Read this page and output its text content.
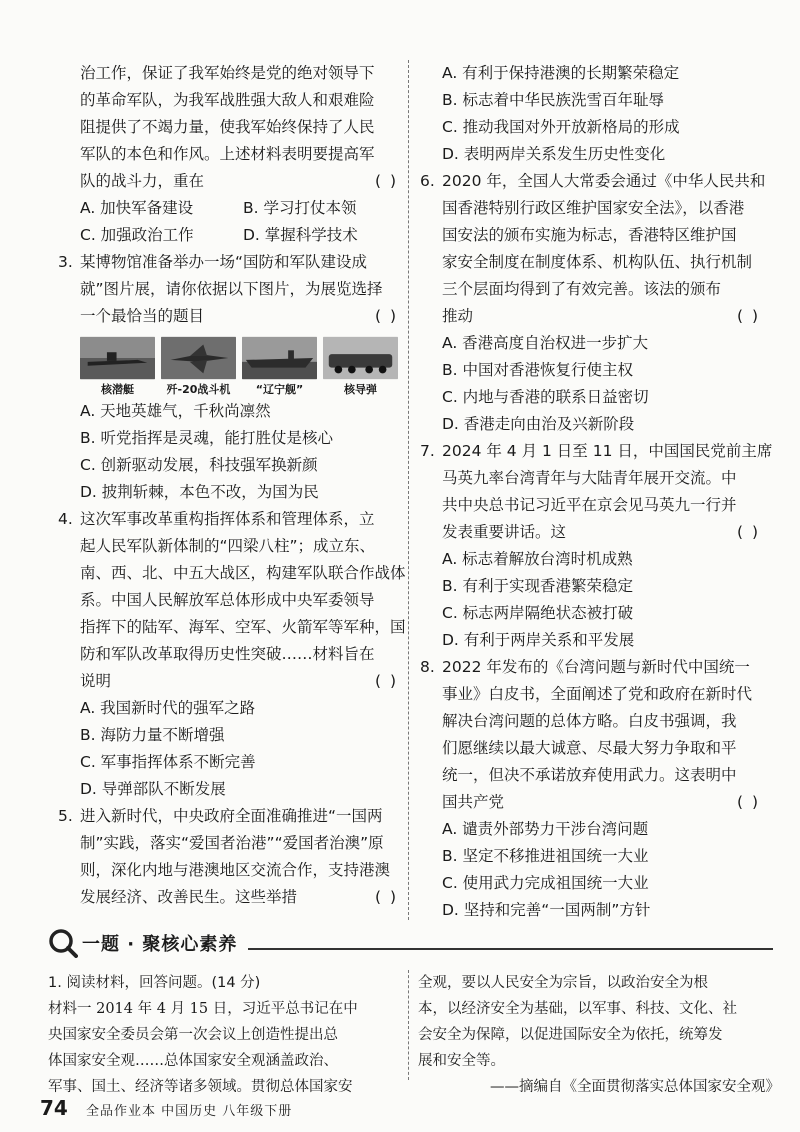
治工作，保证了我军始终是党的绝对领导下
的革命军队，为我军战胜强大敌人和艰难险
阻提供了不竭力量，使我军始终保持了人民
军队的本色和作风。上述材料表明要提高军
队的战斗力，重在	( )
A. 加快军备建设	B. 学习打仗本领
C. 加强政治工作	D. 掌握科学技术
3. 某博物馆准备举办一场“国防和军队建设成
就”图片展，请你依据以下图片，为展览选择
一个最恰当的题目	( )
核潜艇	歼-20战斗机	“辽宁舰”	核导弹
A. 天地英雄气，千秋尚凛然
B. 听党指挥是灵魂，能打胜仗是核心
C. 创新驱动发展，科技强军换新颜
D. 披荆斩棘，本色不改，为国为民
4. 这次军事改革重构指挥体系和管理体系，立
起人民军队新体制的“四梁八柱”；成立东、
南、西、北、中五大战区，构建军队联合作战体
系。中国人民解放军总体形成中央军委领导
指挥下的陆军、海军、空军、火箭军等军种，国
防和军队改革取得历史性突破……材料旨在
说明	( )
A. 我国新时代的强军之路
B. 海防力量不断增强
C. 军事指挥体系不断完善
D. 导弹部队不断发展
5. 进入新时代，中央政府全面准确推进“一国两
制”实践，落实“爱国者治港”“爱国者治澳”原
则，深化内地与港澳地区交流合作，支持港澳
发展经济、改善民生。这些举措	( )
A. 有利于保持港澳的长期繁荣稳定
B. 标志着中华民族洗雪百年耻辱
C. 推动我国对外开放新格局的形成
D. 表明两岸关系发生历史性变化
6. 2020 年，全国人大常委会通过《中华人民共和
国香港特别行政区维护国家安全法》，以香港
国安法的颁布实施为标志，香港特区维护国
家安全制度在制度体系、机构队伍、执行机制
三个层面均得到了有效完善。该法的颁布
推动	( )
A. 香港高度自治权进一步扩大
B. 中国对香港恢复行使主权
C. 内地与香港的联系日益密切
D. 香港走向由治及兴新阶段
7. 2024 年 4 月 1 日至 11 日，中国国民党前主席
马英九率台湾青年与大陆青年展开交流。中
共中央总书记习近平在京会见马英九一行并
发表重要讲话。这	( )
A. 标志着解放台湾时机成熟
B. 有利于实现香港繁荣稳定
C. 标志两岸隔绝状态被打破
D. 有利于两岸关系和平发展
8. 2022 年发布的《台湾问题与新时代中国统一
事业》白皮书，全面阐述了党和政府在新时代
解决台湾问题的总体方略。白皮书强调，我
们愿继续以最大诚意、尽最大努力争取和平
统一，但决不承诺放弃使用武力。这表明中
国共产党	( )
A. 谴责外部势力干涉台湾问题
B. 坚定不移推进祖国统一大业
C. 使用武力完成祖国统一大业
D. 坚持和完善“一国两制”方针
一题 · 聚核心素养
1. 阅读材料，回答问题。(14 分)
材料一 2014 年 4 月 15 日，习近平总书记在中
央国家安全委员会第一次会议上创造性提出总
体国家安全观……总体国家安全观涵盖政治、
军事、国土、经济等诸多领域。贯彻总体国家安
全观，要以人民安全为宗旨，以政治安全为根
本，以经济安全为基础，以军事、科技、文化、社
会安全为保障，以促进国际安全为依托，统筹发
展和安全等。
——摘编自《全面贯彻落实总体国家安全观》
74 全品作业本 中国历史 八年级下册
